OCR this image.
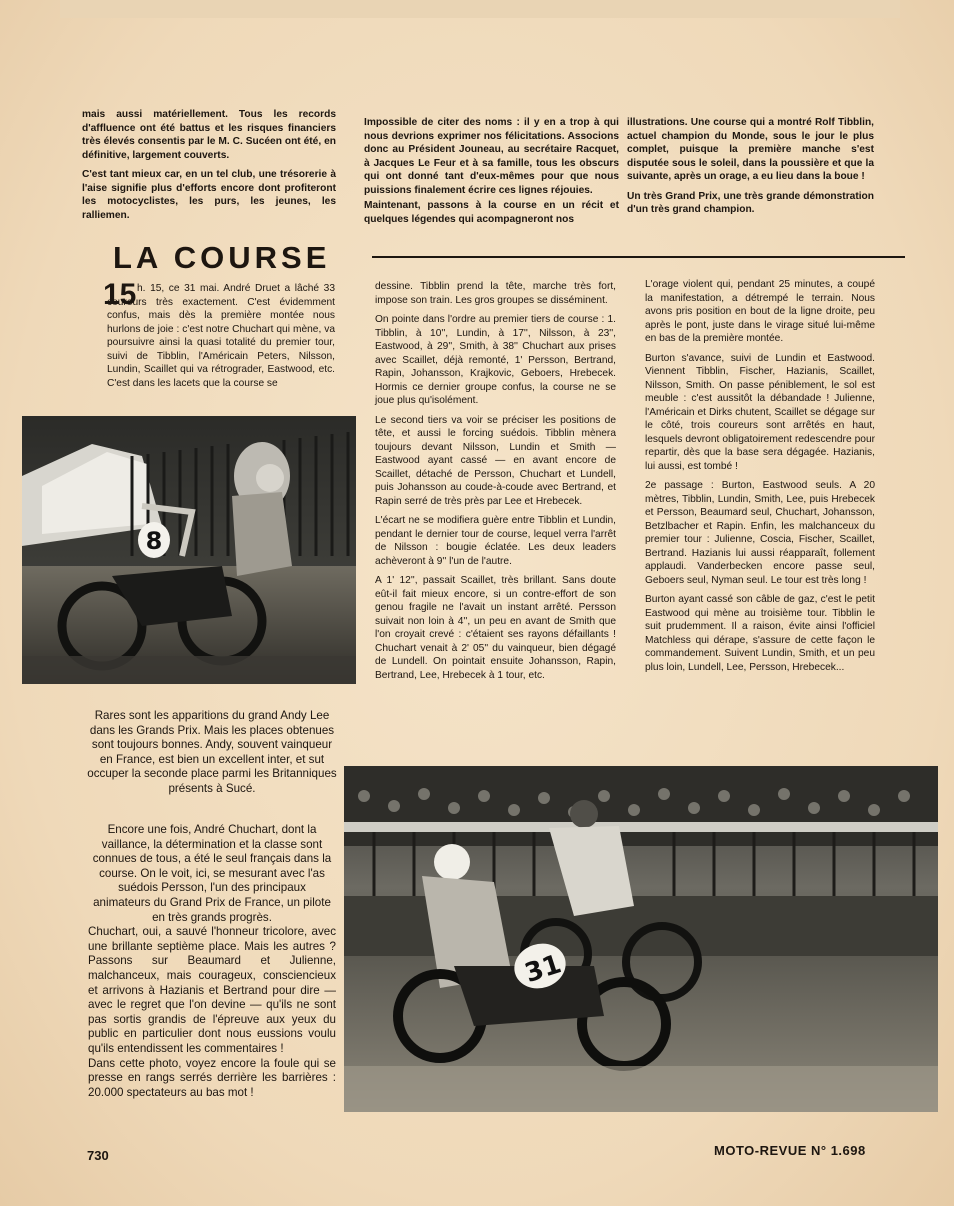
mais aussi matériellement. Tous les records d'affluence ont été battus et les risques financiers très élevés consentis par le M. C. Sucéen ont été, en définitive, largement couverts.

C'est tant mieux car, en un tel club, une trésorerie à l'aise signifie plus d'efforts encore dont profiteront les motocyclistes, les purs, les jeunes, les ralliemen.

Impossible de citer des noms : il y en a trop à qui nous devrions exprimer nos félicitations. Associons donc au Président Jouneau, au secrétaire Racquet, à Jacques Le Feur et à sa famille, tous les obscurs qui ont donné tant d'eux-mêmes pour que nous puissions finalement écrire ces lignes réjouies.

Maintenant, passons à la course en un récit et quelques légendes qui acompagneront nos

illustrations. Une course qui a montré Rolf Tibblin, actuel champion du Monde, sous le jour le plus complet, puisque la première manche s'est disputée sous le soleil, dans la poussière et que la suivante, après un orage, a eu lieu dans la boue !

Un très Grand Prix, une très grande démonstration d'un très grand champion.

LA COURSE
15 h. 15, ce 31 mai. André Druet a lâché 33 coureurs très exactement. C'est évidemment confus, mais dès la première montée nous hurlons de joie : c'est notre Chuchart qui mène, va poursuivre ainsi la quasi totalité du premier tour, suivi de Tibblin, l'Américain Peters, Nilsson, Lundin, Scaillet qui va rétrograder, Eastwood, etc. C'est dans les lacets que la course se

dessine. Tibblin prend la tête, marche très fort, impose son train. Les gros groupes se disséminent.

On pointe dans l'ordre au premier tiers de course : 1. Tibblin, à 10'', Lundin, à 17'', Nilsson, à 23'', Eastwood, à 29'', Smith, à 38'' Chuchart aux prises avec Scaillet, déjà remonté, 1' Persson, Bertrand, Rapin, Johansson, Krajkovic, Geboers, Hrebecek. Hormis ce dernier groupe confus, la course ne se joue plus qu'isolément.

Le second tiers va voir se préciser les positions de tête, et aussi le forcing suédois. Tibblin mènera toujours devant Nilsson, Lundin et Smith — Eastwood ayant cassé — en avant encore de Scaillet, détaché de Persson, Chuchart et Lundell, puis Johansson au coude-à-coude avec Bertrand, et Rapin serré de très près par Lee et Hrebecek.

L'écart ne se modifiera guère entre Tibblin et Lundin, pendant le dernier tour de course, lequel verra l'arrêt de Nilsson : bougie éclatée. Les deux leaders achèveront à 9'' l'un de l'autre.

A 1' 12'', passait Scaillet, très brillant. Sans doute eût-il fait mieux encore, si un contre-effort de son genou fragile ne l'avait un instant arrêté. Persson suivait non loin à 4'', un peu en avant de Smith que l'on croyait crevé : c'étaient ses rayons défaillants ! Chuchart venait à 2' 05'' du vainqueur, bien dégagé de Lundell. On pointait ensuite Johansson, Rapin, Bertrand, Lee, Hrebecek à 1 tour, etc.

L'orage violent qui, pendant 25 minutes, a coupé la manifestation, a détrempé le terrain. Nous avons pris position en bout de la ligne droite, peu après le pont, juste dans le virage situé lui-même en bas de la première montée.

Burton s'avance, suivi de Lundin et Eastwood. Viennent Tibblin, Fischer, Hazianis, Scaillet, Nilsson, Smith. On passe péniblement, le sol est meuble : c'est aussitôt la débandade ! Julienne, l'Américain et Dirks chutent, Scaillet se dégage sur le côté, trois coureurs sont arrêtés en haut, lesquels devront obligatoirement redescendre pour repartir, dès que la base sera dégagée. Hazianis, lui aussi, est tombé !

2e passage : Burton, Eastwood seuls. A 20 mètres, Tibblin, Lundin, Smith, Lee, puis Hrebecek et Persson, Beaumard seul, Chuchart, Johansson, Betzlbacher et Rapin. Enfin, les malchanceux du premier tour : Julienne, Coscia, Fischer, Scaillet, Bertrand. Hazianis lui aussi réapparaît, follement applaudi. Vanderbecken encore passe seul, Geboers seul, Nyman seul. Le tour est très long !

Burton ayant cassé son câble de gaz, c'est le petit Eastwood qui mène au troisième tour. Tibblin le suit prudemment. Il a raison, évite ainsi l'officiel Matchless qui dérape, s'assure de cette façon le commandement. Suivent Lundin, Smith, et un peu plus loin, Lundell, Lee, Persson, Hrebecek...

8

Rares sont les apparitions du grand Andy Lee dans les Grands Prix. Mais les places obtenues sont toujours bonnes. Andy, souvent vainqueur en France, est bien un excellent inter, et sut occuper la seconde place parmi les Britanniques présents à Sucé.

31

Encore une fois, André Chuchart, dont la vaillance, la détermination et la classe sont connues de tous, a été le seul français dans la course. On le voit, ici, se mesurant avec l'as suédois Persson, l'un des principaux animateurs du Grand Prix de France, un pilote en très grands progrès.

Chuchart, oui, a sauvé l'honneur tricolore, avec une brillante septième place. Mais les autres ? Passons sur Beaumard et Julienne, malchanceux, mais courageux, consciencieux et arrivons à Hazianis et Bertrand pour dire — avec le regret que l'on devine — qu'ils ne sont pas sortis grandis de l'épreuve aux yeux du public en particulier dont nous eussions voulu qu'ils entendissent les commentaires !

Dans cette photo, voyez encore la foule qui se presse en rangs serrés derrière les barrières : 20.000 spectateurs au bas mot !

730	MOTO-REVUE N° 1.698
